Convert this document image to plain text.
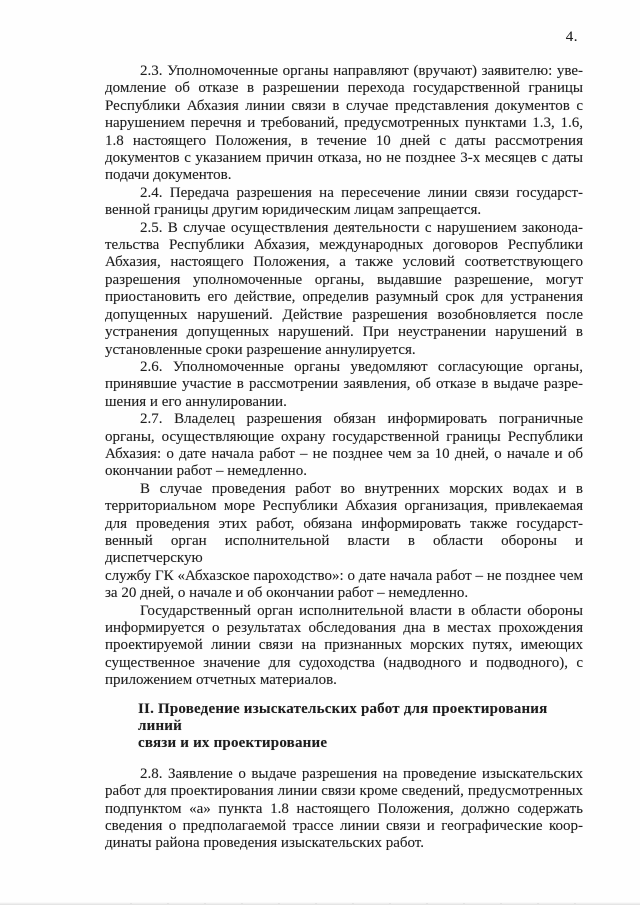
4.
2.3. Уполномоченные органы направляют (вручают) заявителю: уве-
домление об отказе в разрешении перехода государственной границы
Республики Абхазия линии связи в случае представления документов с
нарушением перечня и требований, предусмотренных пунктами 1.3, 1.6,
1.8 настоящего Положения, в течение 10 дней с даты рассмотрения
документов с указанием причин отказа, но не позднее 3-х месяцев с даты
подачи документов.
2.4. Передача разрешения на пересечение линии связи государст-
венной границы другим юридическим лицам запрещается.
2.5. В случае осуществления деятельности с нарушением законода-
тельства Республики Абхазия, международных договоров Республики
Абхазия, настоящего Положения, а также условий соответствующего
разрешения уполномоченные органы, выдавшие разрешение, могут
приостановить его действие, определив разумный срок для устранения
допущенных нарушений. Действие разрешения возобновляется после
устранения допущенных нарушений. При неустранении нарушений в
установленные сроки разрешение аннулируется.
2.6. Уполномоченные органы уведомляют согласующие органы,
принявшие участие в рассмотрении заявления, об отказе в выдаче разре-
шения и его аннулировании.
2.7. Владелец разрешения обязан информировать пограничные
органы, осуществляющие охрану государственной границы Республики
Абхазия: о дате начала работ – не позднее чем за 10 дней, о начале и об
окончании работ – немедленно.
В случае проведения работ во внутренних морских водах и в
территориальном море Республики Абхазия организация, привлекаемая
для проведения этих работ, обязана информировать также государст-
венный орган исполнительной власти в области обороны и диспетчерскую
службу ГК «Абхазское пароходство»: о дате начала работ – не позднее чем
за 20 дней, о начале и об окончании работ – немедленно.
Государственный орган исполнительной власти в области обороны
информируется о результатах обследования дна в местах прохождения
проектируемой линии связи на признанных морских путях, имеющих
существенное значение для судоходства (надводного и подводного), с
приложением отчетных материалов.
II. Проведение изыскательских работ для проектирования линий
связи и их проектирование
2.8. Заявление о выдаче разрешения на проведение изыскательских
работ для проектирования линии связи кроме сведений, предусмотренных
подпунктом «а» пункта 1.8 настоящего Положения, должно содержать
сведения о предполагаемой трассе линии связи и географические коор-
динаты района проведения изыскательских работ.
